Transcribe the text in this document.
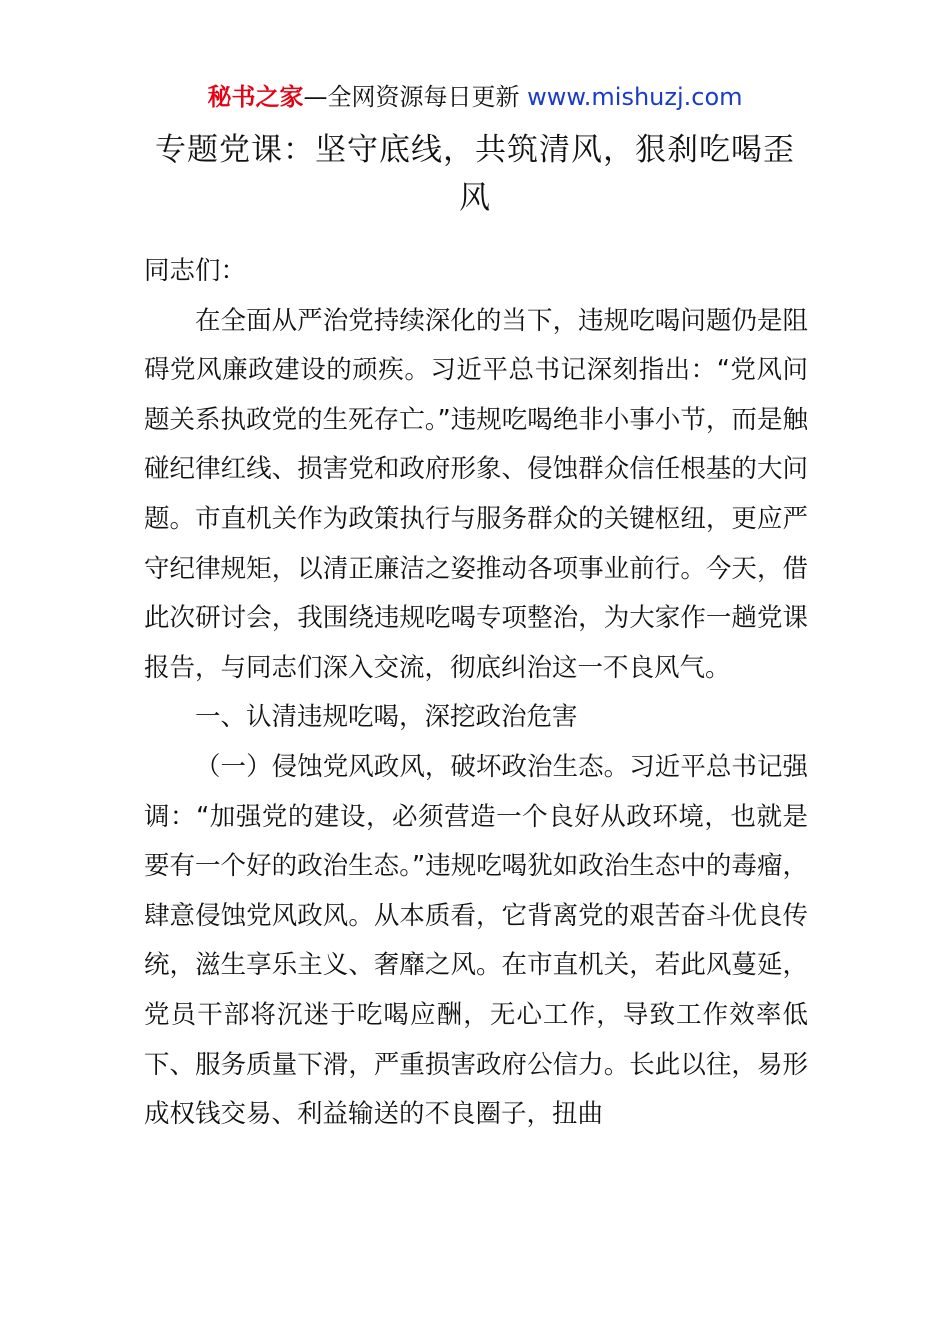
秘书之家—全网资源每日更新 www.mishuzj.com
专题党课：坚守底线，共筑清风，狠刹吃喝歪风

同志们：

在全面从严治党持续深化的当下，违规吃喝问题仍是阻碍党风廉政建设的顽疾。习近平总书记深刻指出：“党风问题关系执政党的生死存亡。”违规吃喝绝非小事小节，而是触碰纪律红线、损害党和政府形象、侵蚀群众信任根基的大问题。市直机关作为政策执行与服务群众的关键枢纽，更应严守纪律规矩，以清正廉洁之姿推动各项事业前行。今天，借此次研讨会，我围绕违规吃喝专项整治，为大家作一趟党课报告，与同志们深入交流，彻底纠治这一不良风气。

一、认清违规吃喝，深挖政治危害

（一）侵蚀党风政风，破坏政治生态。习近平总书记强调：“加强党的建设，必须营造一个良好从政环境，也就是要有一个好的政治生态。”违规吃喝犹如政治生态中的毒瘤，肆意侵蚀党风政风。从本质看，它背离党的艰苦奋斗优良传统，滋生享乐主义、奢靡之风。在市直机关，若此风蔓延，党员干部将沉迷于吃喝应酬，无心工作，导致工作效率低下、服务质量下滑，严重损害政府公信力。长此以往，易形成权钱交易、利益输送的不良圈子，扭曲
